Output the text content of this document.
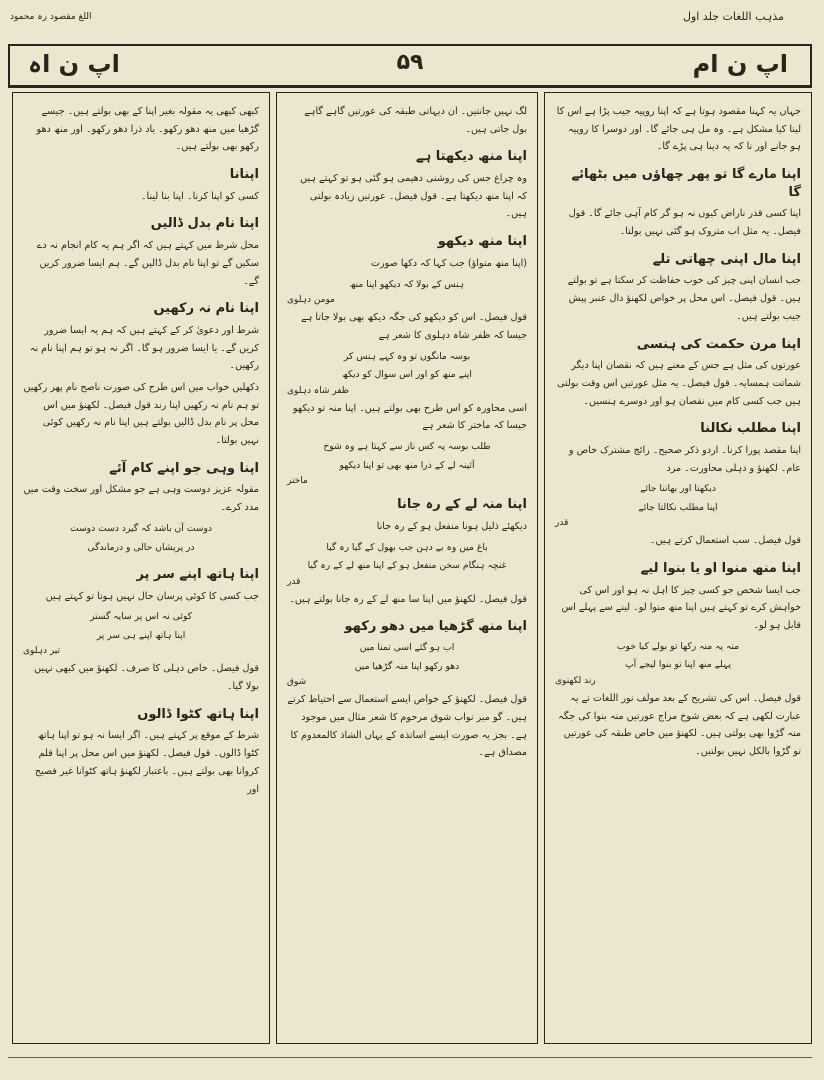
مذہب اللغات جلد اول
اللغ مقصود رہ محمود
اپ ن ام
۵۹
اپ ن اہ
جہاں یہ کہنا مقصود ہوتا ہے کہ اپنا روپیہ جیب پڑا ہے اس کا لینا کیا مشکل ہے۔ وہ مل ہی جائے گا۔ اور دوسرا کا روپیہ ہو جانے اور نا کہ یہ دینا ہی پڑے گا۔
اپنا مارے گا تو پھر چھاؤں میں بٹھائے گا
اپنا کسی قدر ناراض کیوں نہ ہو گر کام آہی جائے گا۔ قول فیصل۔ یہ مثل اب متروک ہو گئی نہیں بولتا۔
اپنا مال اپنی چھاتی تلے
جب انسان اپنی چیز کی خوب حفاظت کر سکتا ہے تو بولتے ہیں۔ قول فیصل۔ اس محل پر خواص لکھنؤ دال عنبر پیش جیب بولتے ہیں۔
اپنا مرن حکمت کی ہنسی
عورتوں کی مثل ہے جس کے معنے ہیں کہ نقصان اپنا دیگر شماتت ہمسایہ۔ قول فیصل۔ یہ مثل عورتیں اس وقت بولتی ہیں جب کسی کام میں نقصان ہو اور دوسرے ہنسیں۔
اپنا مطلب نکالنا
اپنا مقصد پورا کرنا۔ اردو ذکر صحیح۔ رائج مشترک خاص و عام۔ لکھنؤ و دہلی محاورت۔ مرد
دیکھتا اور بھانتا جائے
اپنا مطلب نکالتا جائے
قدر
قول فیصل۔ سب استعمال کرتے ہیں۔
اپنا منھ منوا او یا بنوا لیے
جب ایسا شخص جو کسی چیز کا اہل نہ ہو اور اس کی خواہش کرے تو کہتے ہیں اپنا منھ منوا لو۔ لینے سے پہلے اس قابل ہو لو۔
منہ پہ منہ رکھا تو بولے کیا خوب
پہلے منھ اپنا تو بنوا لیجے آپ
رند لکھنوی
قول فیصل۔ اس کی تشریح کے بعد مولف نور اللغات نے یہ عبارت لکھی ہے کہ بعض شوخ مزاج عورتیں منہ بنوا کی جگہ منہ گڑوا بھی بولتی ہیں۔ لکھنؤ میں خاص طبقہ کی عورتیں تو گڑوا بالکل نہیں بولتیں۔
لگ نہیں جانتیں۔ ان دیہاتی طبقہ کی عورتیں گاہے گاہے بول جاتی ہیں۔
اپنا منھ دیکھتا ہے
وہ چراغ جس کی روشنی دھیمی ہو گئی ہو تو کہتے ہیں کہ اپنا منھ دیکھتا ہے۔ قول فیصل۔ عورتیں زیادہ بولتی ہیں۔
اپنا منھ دیکھو
(اپنا منھ منواؤ) جب کہا کہ دکھا صورت
ہنس کے بولا کہ دیکھو اپنا منھ
مومن دہلوی
قول فیصل۔ اس کو دیکھو کی جگہ دیکھ بھی بولا جاتا ہے جیسا کہ ظفر شاہ دہلوی کا شعر ہے
بوسہ مانگوں تو وہ کہے ہنس کر
اپنے منھ کو اور اس سوال کو دیکھ
ظفر شاہ دہلوی
اسی محاورہ کو اس طرح بھی بولتے ہیں۔ اپنا منہ تو دیکھو جیسا کہ ماختر کا شعر ہے
طلب بوسہ پہ کس ناز سے کہتا ہے وہ شوخ
آئینہ لے کے ذرا منھ بھی تو اپنا دیکھو
ماختر
اپنا منہ لے کے رہ جانا
دیکھئے ذلیل ہونا منفعل ہو کے رہ جانا
باغ میں وہ بے دہن جب بھول کے گیا رہ گیا
غنچہ ہنگام سخن منفعل ہو کے اپنا منھ لے کے رہ گیا
قدر
قول فیصل۔ لکھنؤ میں اپنا سا منھ لے کے رہ جانا بولتے ہیں۔
اپنا منھ گڑھیا میں دھو رکھو
اب ہو گئے اسی تمنا میں
دھو رکھو اپنا منہ گڑھیا میں
شوق
قول فیصل۔ لکھنؤ کے خواص ایسے استعمال سے احتیاط کرتے ہیں۔ گو میر نواب شوق مرحوم کا شعر مثال میں موجود ہے۔ بجز یہ صورت ایسے اساتذہ کے یہاں الشاذ کالمعدوم کا مصداق ہے۔
کبھی کبھی یہ مقولہ بغیر اپنا کے بھی بولتے ہیں۔ جیسے گڑھیا میں منھ دھو رکھو۔ یاد ذرا دھو رکھو۔ اور منھ دھو رکھو بھی بولتے ہیں۔
اپنانا
کسی کو اپنا کرنا۔ اپنا بنا لینا۔
اپنا نام بدل ڈالیں
محل شرط میں کہتے ہیں کہ اگر ہم یہ کام انجام نہ دے سکیں گے تو اپنا نام بدل ڈالیں گے۔ ہم ایسا ضرور کریں گے۔
اپنا نام نہ رکھیں
شرط اور دعویٰ کر کے کہتے ہیں کہ ہم یہ ایسا ضرور کریں گے۔ یا ایسا ضرور ہو گا۔ اگر نہ ہو تو ہم اپنا نام نہ رکھیں۔
دکھلیں خواب میں اس طرح کی صورت ناصح نام پھر رکھیں تو ہم نام نہ رکھیں اپنا رند قول فیصل۔ لکھنؤ میں اس محل پر نام بدل ڈالیں بولتے ہیں اپنا نام نہ رکھیں کوئی نہیں بولتا۔
اپنا وہی جو اپنے کام آئے
مقولہ عزیز دوست وہی ہے جو مشکل اور سخت وقت میں مدد کرے۔
دوست آں باشد کہ گیرد دست دوست
در پریشاں حالی و درماندگی
اپنا ہاتھ اپنے سر پر
جب کسی کا کوئی پرسان حال نہیں ہوتا تو کہتے ہیں
کوئی نہ اس پر سایہ گستر
اپنا ہاتھ اپنے ہی سر پر
تیر دہلوی
قول فیصل۔ خاص دہلی کا صرف۔ لکھنؤ میں کبھی نہیں بولا گیا۔
اپنا ہاتھ کٹوا ڈالوں
شرط کے موقع پر کہتے ہیں۔ اگر ایسا نہ ہو تو اپنا ہاتھ کٹوا ڈالوں۔ قول فیصل۔ لکھنؤ میں اس محل پر اپنا قلم کروانا بھی بولتے ہیں۔ باعتبار لکھنؤ ہاتھ کٹوانا غیر فصیح اور
